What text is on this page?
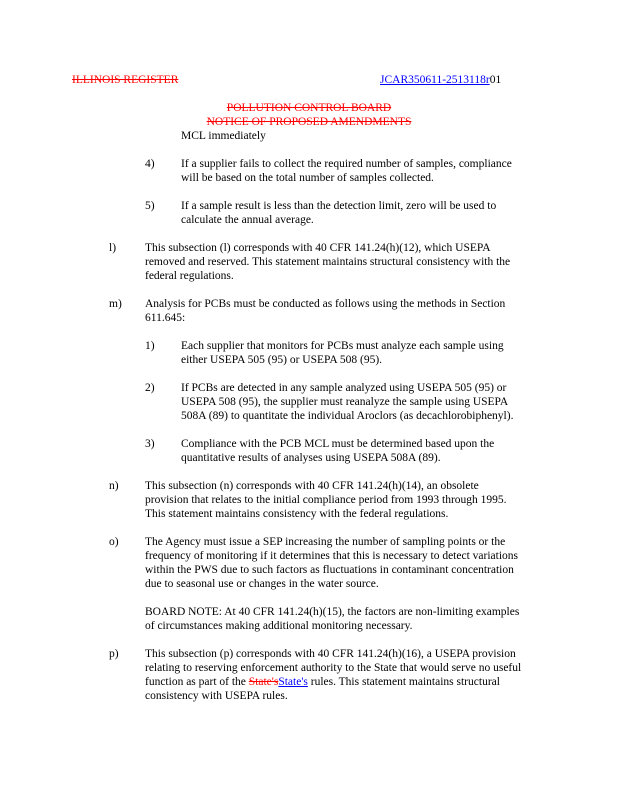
ILLINOIS REGISTER	JCAR350611-2513118r01
POLLUTION CONTROL BOARD
NOTICE OF PROPOSED AMENDMENTS
MCL immediately
4) If a supplier fails to collect the required number of samples, compliance
will be based on the total number of samples collected.
5) If a sample result is less than the detection limit, zero will be used to
calculate the annual average.
l)	This subsection (l) corresponds with 40 CFR 141.24(h)(12), which USEPA
removed and reserved. This statement maintains structural consistency with the
federal regulations.
m) Analysis for PCBs must be conducted as follows using the methods in Section
611.645:
1) Each supplier that monitors for PCBs must analyze each sample using
either USEPA 505 (95) or USEPA 508 (95).
2) If PCBs are detected in any sample analyzed using USEPA 505 (95) or
USEPA 508 (95), the supplier must reanalyze the sample using USEPA
508A (89) to quantitate the individual Aroclors (as decachlorobiphenyl).
3) Compliance with the PCB MCL must be determined based upon the
quantitative results of analyses using USEPA 508A (89).
n) This subsection (n) corresponds with 40 CFR 141.24(h)(14), an obsolete
provision that relates to the initial compliance period from 1993 through 1995.
This statement maintains consistency with the federal regulations.
o) The Agency must issue a SEP increasing the number of sampling points or the
frequency of monitoring if it determines that this is necessary to detect variations
within the PWS due to such factors as fluctuations in contaminant concentration
due to seasonal use or changes in the water source.
BOARD NOTE: At 40 CFR 141.24(h)(15), the factors are non-limiting examples
of circumstances making additional monitoring necessary.
p) This subsection (p) corresponds with 40 CFR 141.24(h)(16), a USEPA provision
relating to reserving enforcement authority to the State that would serve no useful
function as part of the State'sState's rules. This statement maintains structural
consistency with USEPA rules.
